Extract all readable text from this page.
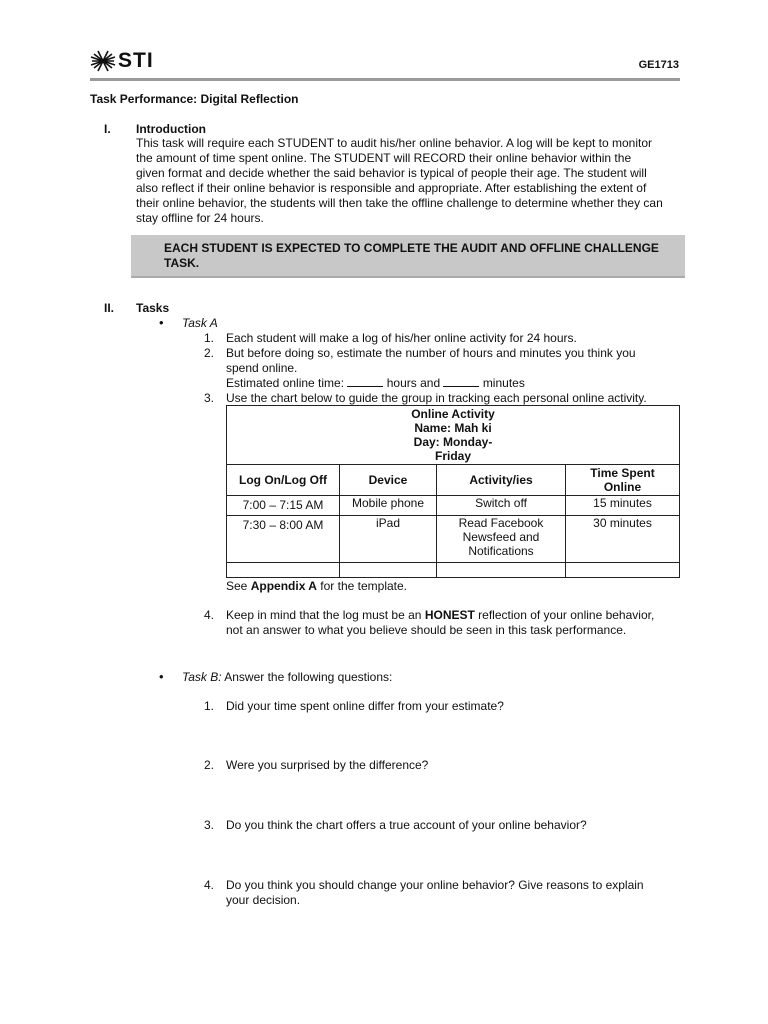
STI	GE1713
Task Performance: Digital Reflection
I. Introduction
This task will require each STUDENT to audit his/her online behavior. A log will be kept to monitor
the amount of time spent online. The STUDENT will RECORD their online behavior within the
given format and decide whether the said behavior is typical of people their age. The student will
also reflect if their online behavior is responsible and appropriate. After establishing the extent of
their online behavior, the students will then take the offline challenge to determine whether they can
stay offline for 24 hours.
EACH STUDENT IS EXPECTED TO COMPLETE THE AUDIT AND OFFLINE CHALLENGE
TASK.
II. Tasks
• Task A
1. Each student will make a log of his/her online activity for 24 hours.
2. But before doing so, estimate the number of hours and minutes you think you
spend online.
Estimated online time:	hours and	minutes
3. Use the chart below to guide the group in tracking each personal online activity.
Online Activity
Name: Mah ki
Day: Monday-
Friday			

Log On/Log Off	Device	Activity/ies	Time Spent
Online

7:00 – 7:15 AM	Mobile phone	Switch off	15 minutes
7:30 – 8:00 AM	iPad	Read Facebook
Newsfeed and
Notifications	30 minutes

See Appendix A for the template.
4. Keep in mind that the log must be an HONEST reflection of your online behavior,
not an answer to what you believe should be seen in this task performance.
• Task B: Answer the following questions:
1. Did your time spent online differ from your estimate?
2. Were you surprised by the difference?
3. Do you think the chart offers a true account of your online behavior?
4. Do you think you should change your online behavior? Give reasons to explain
your decision.
